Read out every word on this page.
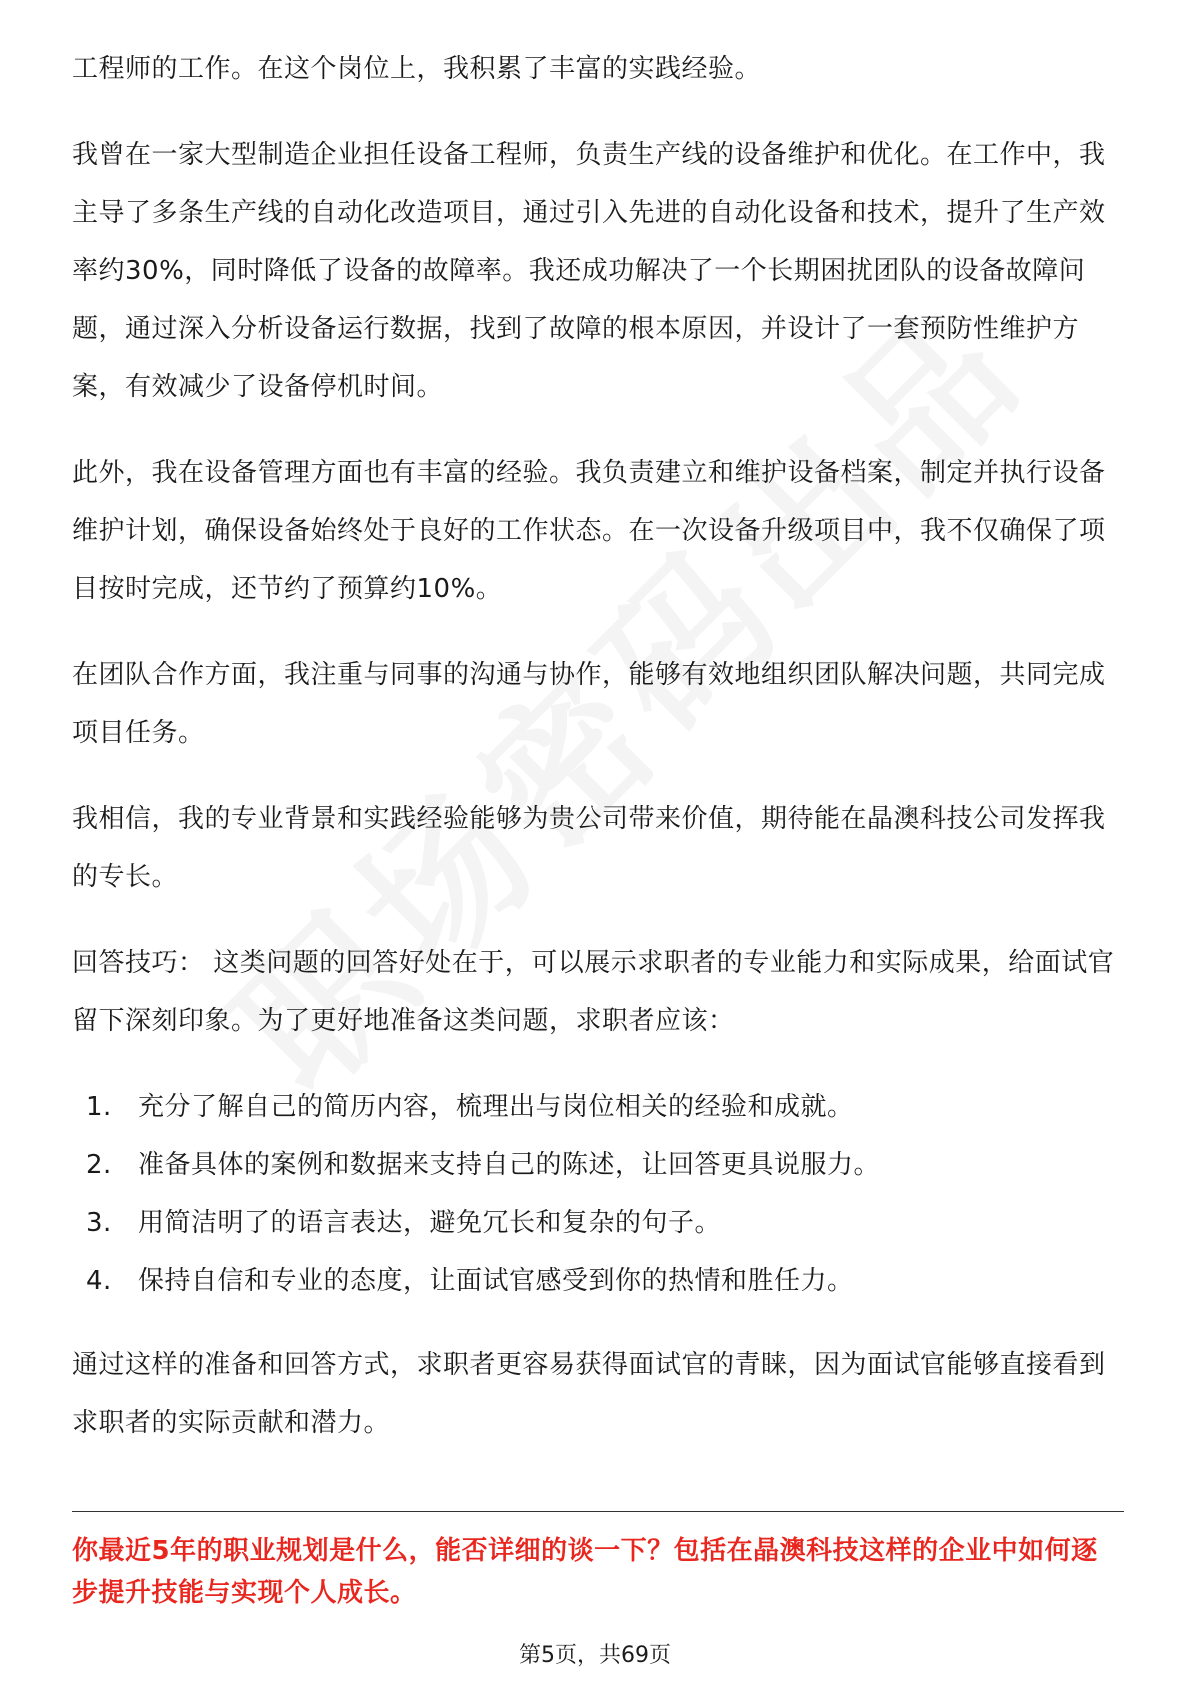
工程师的工作。在这个岗位上，我积累了丰富的实践经验。

我曾在一家大型制造企业担任设备工程师，负责生产线的设备维护和优化。在工作中，我主导了多条生产线的自动化改造项目，通过引入先进的自动化设备和技术，提升了生产效率约30%，同时降低了设备的故障率。我还成功解决了一个长期困扰团队的设备故障问题，通过深入分析设备运行数据，找到了故障的根本原因，并设计了一套预防性维护方案，有效减少了设备停机时间。

此外，我在设备管理方面也有丰富的经验。我负责建立和维护设备档案，制定并执行设备维护计划，确保设备始终处于良好的工作状态。在一次设备升级项目中，我不仅确保了项目按时完成，还节约了预算约10%。

在团队合作方面，我注重与同事的沟通与协作，能够有效地组织团队解决问题，共同完成项目任务。

我相信，我的专业背景和实践经验能够为贵公司带来价值，期待能在晶澳科技公司发挥我的专长。

回答技巧： 这类问题的回答好处在于，可以展示求职者的专业能力和实际成果，给面试官留下深刻印象。为了更好地准备这类问题，求职者应该：

1.	充分了解自己的简历内容，梳理出与岗位相关的经验和成就。
2.	准备具体的案例和数据来支持自己的陈述，让回答更具说服力。
3.	用简洁明了的语言表达，避免冗长和复杂的句子。
4.	保持自信和专业的态度，让面试官感受到你的热情和胜任力。

通过这样的准备和回答方式，求职者更容易获得面试官的青睐，因为面试官能够直接看到求职者的实际贡献和潜力。

你最近5年的职业规划是什么，能否详细的谈一下？包括在晶澳科技这样的企业中如何逐步提升技能与实现个人成长。
第5页，共69页
